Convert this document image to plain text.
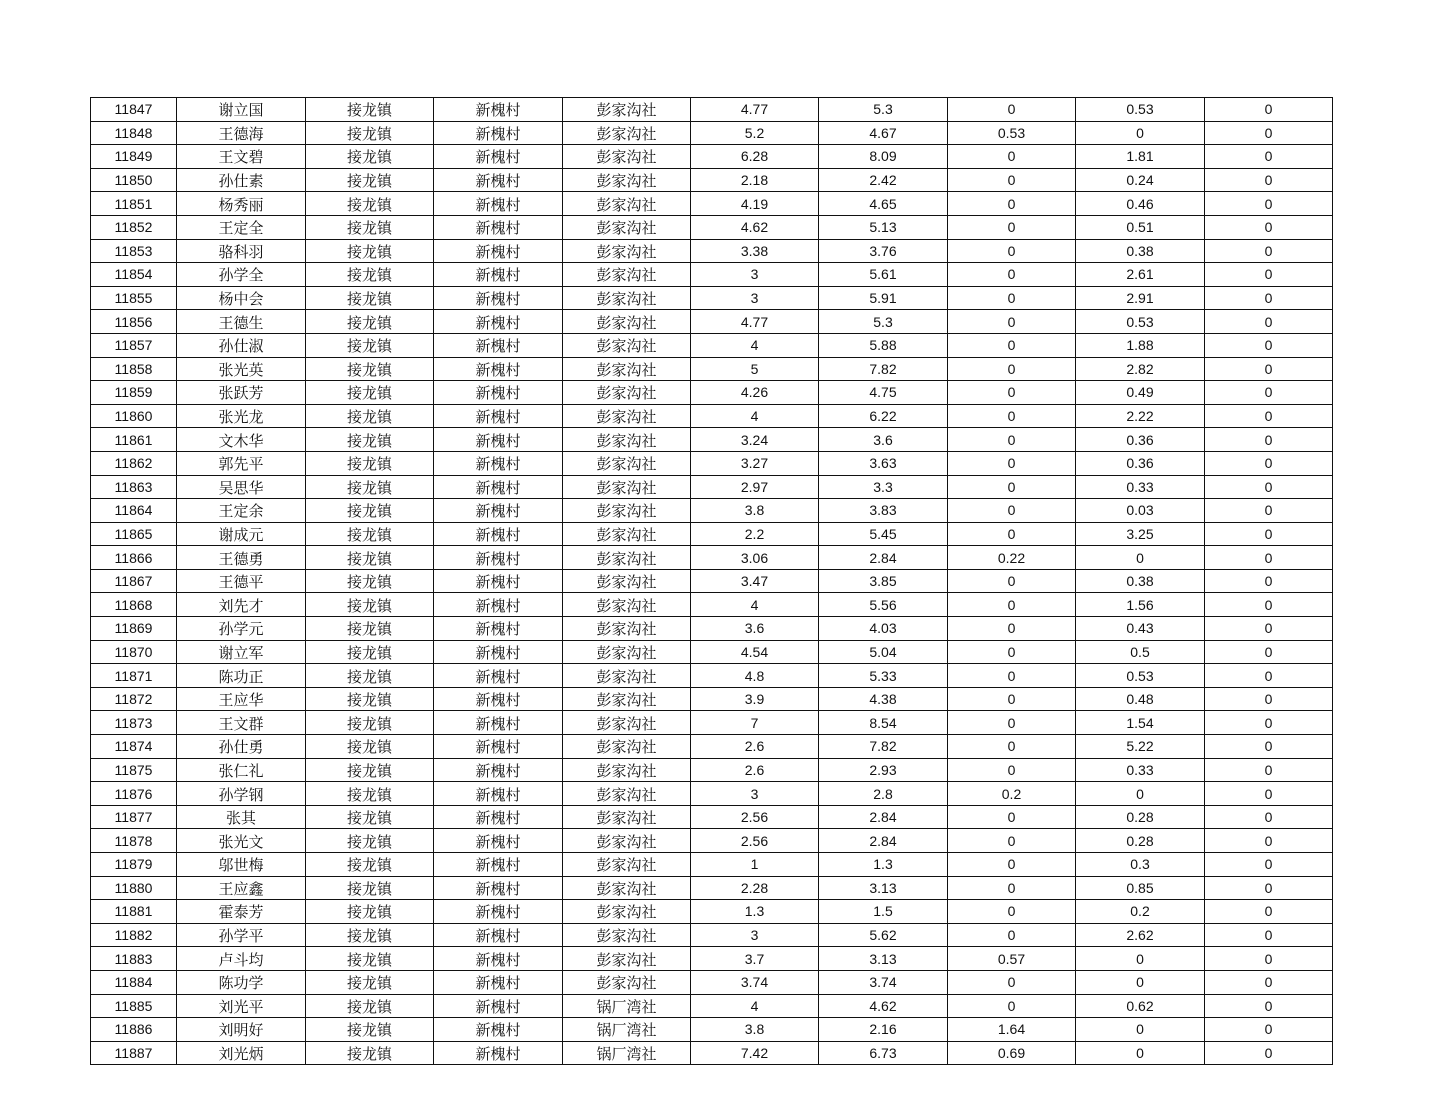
11847	谢立国	接龙镇	新槐村	彭家沟社	4.77	5.3	0	0.53	0
11848	王德海	接龙镇	新槐村	彭家沟社	5.2	4.67	0.53	0	0
11849	王文碧	接龙镇	新槐村	彭家沟社	6.28	8.09	0	1.81	0
11850	孙仕素	接龙镇	新槐村	彭家沟社	2.18	2.42	0	0.24	0
11851	杨秀丽	接龙镇	新槐村	彭家沟社	4.19	4.65	0	0.46	0
11852	王定全	接龙镇	新槐村	彭家沟社	4.62	5.13	0	0.51	0
11853	骆科羽	接龙镇	新槐村	彭家沟社	3.38	3.76	0	0.38	0
11854	孙学全	接龙镇	新槐村	彭家沟社	3	5.61	0	2.61	0
11855	杨中会	接龙镇	新槐村	彭家沟社	3	5.91	0	2.91	0
11856	王德生	接龙镇	新槐村	彭家沟社	4.77	5.3	0	0.53	0
11857	孙仕淑	接龙镇	新槐村	彭家沟社	4	5.88	0	1.88	0
11858	张光英	接龙镇	新槐村	彭家沟社	5	7.82	0	2.82	0
11859	张跃芳	接龙镇	新槐村	彭家沟社	4.26	4.75	0	0.49	0
11860	张光龙	接龙镇	新槐村	彭家沟社	4	6.22	0	2.22	0
11861	文木华	接龙镇	新槐村	彭家沟社	3.24	3.6	0	0.36	0
11862	郭先平	接龙镇	新槐村	彭家沟社	3.27	3.63	0	0.36	0
11863	吴思华	接龙镇	新槐村	彭家沟社	2.97	3.3	0	0.33	0
11864	王定余	接龙镇	新槐村	彭家沟社	3.8	3.83	0	0.03	0
11865	谢成元	接龙镇	新槐村	彭家沟社	2.2	5.45	0	3.25	0
11866	王德勇	接龙镇	新槐村	彭家沟社	3.06	2.84	0.22	0	0
11867	王德平	接龙镇	新槐村	彭家沟社	3.47	3.85	0	0.38	0
11868	刘先才	接龙镇	新槐村	彭家沟社	4	5.56	0	1.56	0
11869	孙学元	接龙镇	新槐村	彭家沟社	3.6	4.03	0	0.43	0
11870	谢立军	接龙镇	新槐村	彭家沟社	4.54	5.04	0	0.5	0
11871	陈功正	接龙镇	新槐村	彭家沟社	4.8	5.33	0	0.53	0
11872	王应华	接龙镇	新槐村	彭家沟社	3.9	4.38	0	0.48	0
11873	王文群	接龙镇	新槐村	彭家沟社	7	8.54	0	1.54	0
11874	孙仕勇	接龙镇	新槐村	彭家沟社	2.6	7.82	0	5.22	0
11875	张仁礼	接龙镇	新槐村	彭家沟社	2.6	2.93	0	0.33	0
11876	孙学钢	接龙镇	新槐村	彭家沟社	3	2.8	0.2	0	0
11877	张其	接龙镇	新槐村	彭家沟社	2.56	2.84	0	0.28	0
11878	张光文	接龙镇	新槐村	彭家沟社	2.56	2.84	0	0.28	0
11879	邬世梅	接龙镇	新槐村	彭家沟社	1	1.3	0	0.3	0
11880	王应鑫	接龙镇	新槐村	彭家沟社	2.28	3.13	0	0.85	0
11881	霍泰芳	接龙镇	新槐村	彭家沟社	1.3	1.5	0	0.2	0
11882	孙学平	接龙镇	新槐村	彭家沟社	3	5.62	0	2.62	0
11883	卢斗均	接龙镇	新槐村	彭家沟社	3.7	3.13	0.57	0	0
11884	陈功学	接龙镇	新槐村	彭家沟社	3.74	3.74	0	0	0
11885	刘光平	接龙镇	新槐村	锅厂湾社	4	4.62	0	0.62	0
11886	刘明好	接龙镇	新槐村	锅厂湾社	3.8	2.16	1.64	0	0
11887	刘光炳	接龙镇	新槐村	锅厂湾社	7.42	6.73	0.69	0	0
